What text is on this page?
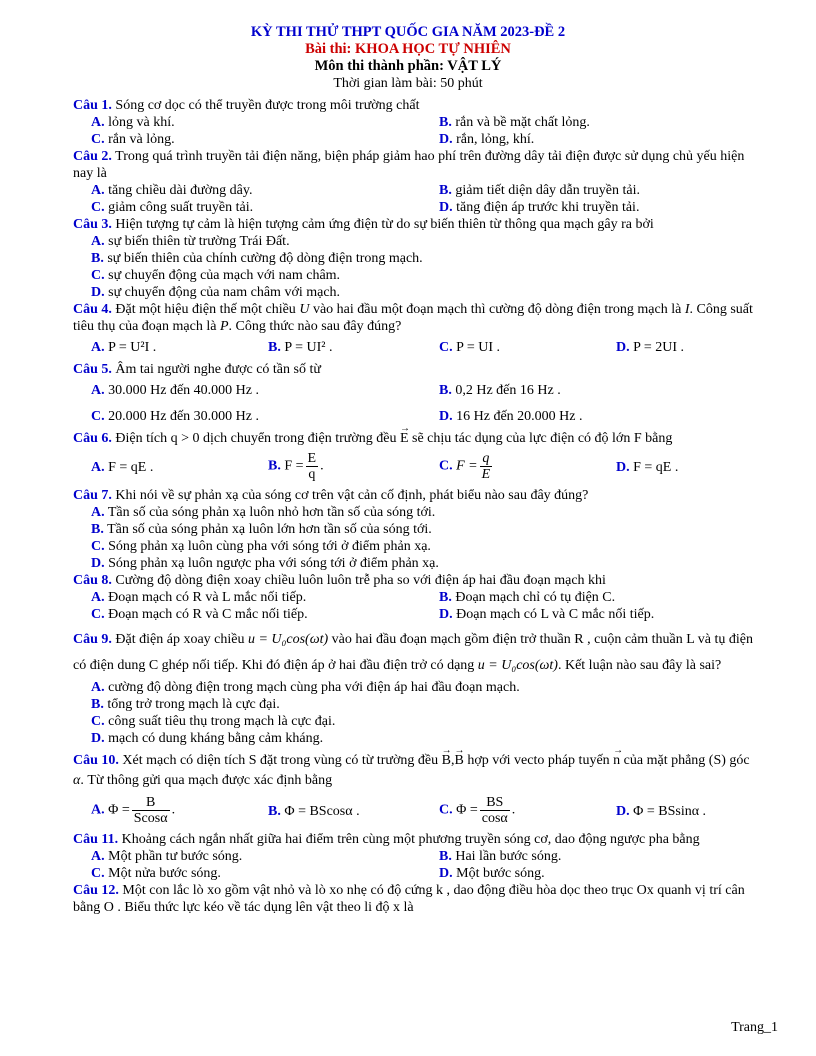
KỲ THI THỬ THPT QUỐC GIA NĂM 2023-ĐỀ 2
Bài thi: KHOA HỌC TỰ NHIÊN
Môn thi thành phần: VẬT LÝ
Thời gian làm bài: 50 phút
Câu 1. Sóng cơ dọc có thể truyền được trong môi trường chất
A. lỏng và khí.	B. rắn và bề mặt chất lỏng.
C. rắn và lỏng.	D. rắn, lỏng, khí.
Câu 2. Trong quá trình truyền tải điện năng, biện pháp giảm hao phí trên đường dây tải điện được sử dụng chủ yếu hiện nay là
A. tăng chiều dài đường dây.	B. giảm tiết diện dây dẫn truyền tải.
C. giảm công suất truyền tải.	D. tăng điện áp trước khi truyền tải.
Câu 3. Hiện tượng tự cảm là hiện tượng cảm ứng điện từ do sự biến thiên từ thông qua mạch gây ra bởi
A. sự biến thiên từ trường Trái Đất.
B. sự biến thiên của chính cường độ dòng điện trong mạch.
C. sự chuyển động của mạch với nam châm.
D. sự chuyển động của nam châm với mạch.
Câu 4. Đặt một hiệu điện thế một chiều U vào hai đầu một đoạn mạch thì cường độ dòng điện trong mạch là I. Công suất tiêu thụ của đoạn mạch là P. Công thức nào sau đây đúng?
A. P = U²I .	B. P = UI² .	C. P = UI .	D. P = 2UI .
Câu 5. Âm tai người nghe được có tần số từ
A. 30.000 Hz đến 40.000 Hz .	B. 0,2 Hz đến 16 Hz .
C. 20.000 Hz đến 30.000 Hz .	D. 16 Hz đến 20.000 Hz .
Câu 6. Điện tích q > 0 dịch chuyển trong điện trường đều → E sẽ chịu tác dụng của lực điện có độ lớn F bằng
A. F = qE .	B. $F = \frac{E}{q}$ .	C. $F = \frac{q}{E}$	D. F = qE .
Câu 7. Khi nói về sự phản xạ của sóng cơ trên vật cản cố định, phát biểu nào sau đây đúng?
A. Tần số của sóng phản xạ luôn nhỏ hơn tần số của sóng tới.
B. Tần số của sóng phản xạ luôn lớn hơn tần số của sóng tới.
C. Sóng phản xạ luôn cùng pha với sóng tới ở điểm phản xạ.
D. Sóng phản xạ luôn ngược pha với sóng tới ở điểm phản xạ.
Câu 8. Cường độ dòng điện xoay chiều luôn luôn trễ pha so với điện áp hai đầu đoạn mạch khi
A. Đoạn mạch có R và L mắc nối tiếp.	B. Đoạn mạch chỉ có tụ điện C.
C. Đoạn mạch có R và C mắc nối tiếp.	D. Đoạn mạch có L và C mắc nối tiếp.
Câu 9. Đặt điện áp xoay chiều u = U₀cos(ωt) vào hai đầu đoạn mạch gồm điện trở thuần R , cuộn cảm thuần L và tụ điện có điện dung C ghép nối tiếp. Khi đó điện áp ở hai đầu điện trở có dạng u = U₀cos(ωt). Kết luận nào sau đây là sai?
A. cường độ dòng điện trong mạch cùng pha với điện áp hai đầu đoạn mạch.
B. tổng trở trong mạch là cực đại.
C. công suất tiêu thụ trong mạch là cực đại.
D. mạch có dung kháng bằng cảm kháng.
Câu 10. Xét mạch có diện tích S đặt trong vùng có từ trường đều → B,→ B hợp với vecto pháp tuyến → n của mặt phẳng (S) góc α. Từ thông gửi qua mạch được xác định bằng
A. $\Phi = \frac{B}{Scos\alpha}$ .	B. Φ = BScosα .	C. $\Phi = \frac{BS}{\cos\alpha}$ .	D. Φ = BSsinα .
Câu 11. Khoảng cách ngắn nhất giữa hai điểm trên cùng một phương truyền sóng cơ, dao động ngược pha bằng
A. Một phần tư bước sóng.	B. Hai lần bước sóng.
C. Một nửa bước sóng.	D. Một bước sóng.
Câu 12. Một con lắc lò xo gồm vật nhỏ và lò xo nhẹ có độ cứng k , dao động điều hòa dọc theo trục Ox quanh vị trí cân bằng O . Biểu thức lực kéo về tác dụng lên vật theo li độ x là
Trang_1
